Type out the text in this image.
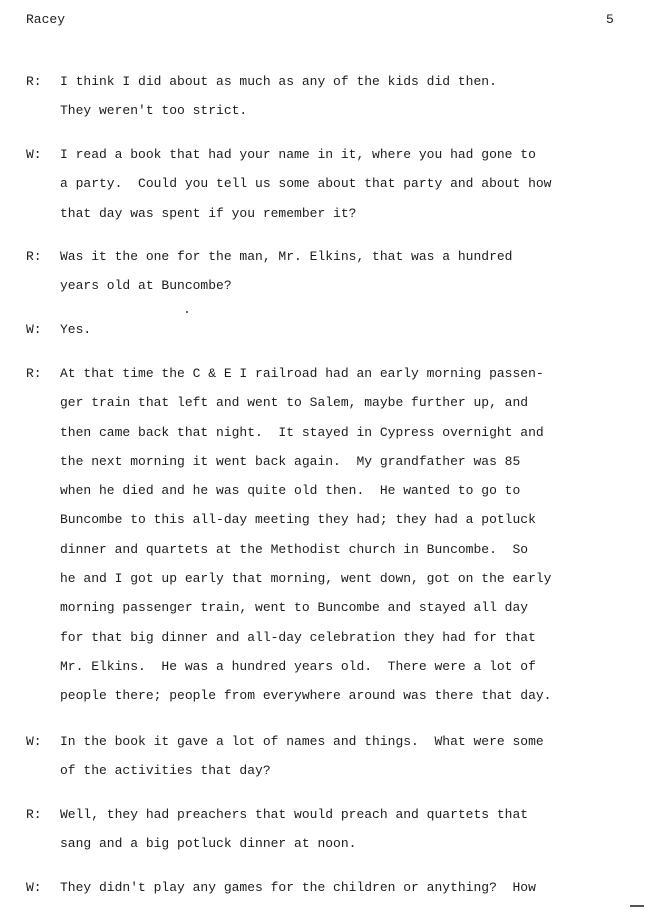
Racey	5
R: I think I did about as much as any of the kids did then.
They weren't too strict.
W: I read a book that had your name in it, where you had gone to
a party.  Could you tell us some about that party and about how
that day was spent if you remember it?
R: Was it the one for the man, Mr. Elkins, that was a hundred
years old at Buncombe?
W: Yes.
R: At that time the C & E I railroad had an early morning passen-
ger train that left and went to Salem, maybe further up, and
then came back that night.  It stayed in Cypress overnight and
the next morning it went back again.  My grandfather was 85
when he died and he was quite old then.  He wanted to go to
Buncombe to this all-day meeting they had; they had a potluck
dinner and quartets at the Methodist church in Buncombe.  So
he and I got up early that morning, went down, got on the early
morning passenger train, went to Buncombe and stayed all day
for that big dinner and all-day celebration they had for that
Mr. Elkins.  He was a hundred years old.  There were a lot of
people there; people from everywhere around was there that day.
W: In the book it gave a lot of names and things.  What were some
of the activities that day?
R: Well, they had preachers that would preach and quartets that
sang and a big potluck dinner at noon.
W: They didn't play any games for the children or anything?  How
